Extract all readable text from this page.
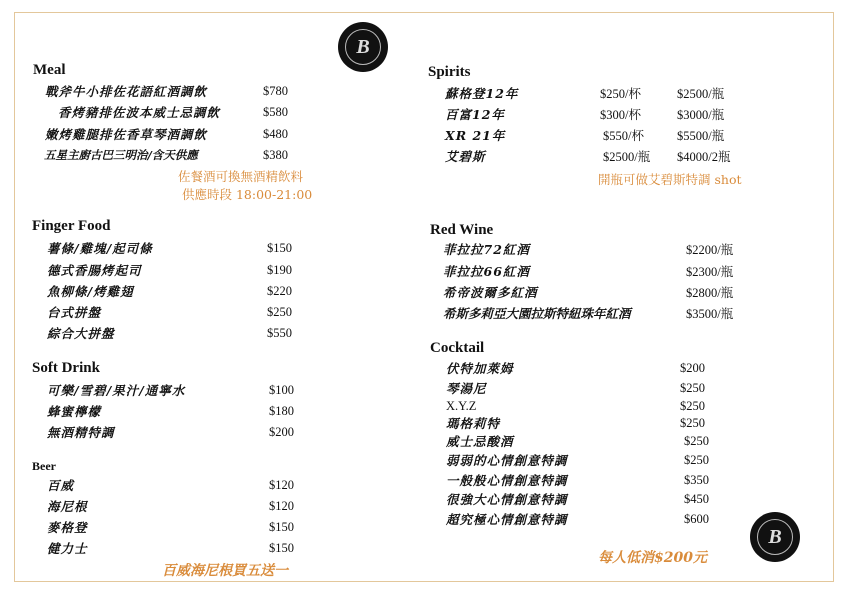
B
B
Meal
戰斧牛小排佐花語紅酒調飲	$780
香烤豬排佐波本威士忌調飲	$580
嫩烤雞腿排佐香草琴酒調飲	$480
五星主廚古巴三明治/含天供應	$380
佐餐酒可換無酒精飲料
供應時段 18:00-21:00
Finger Food
薯條/雞塊/起司條	$150
德式香腸烤起司	$190
魚柳條/烤雞翅	$220
台式拼盤	$250
綜合大拼盤	$550
Soft Drink
可樂/雪碧/果汁/通寧水	$100
蜂蜜檸檬	$180
無酒精特調	$200
Beer
百威	$120
海尼根	$120
麥格登	$150
健力士	$150
百威海尼根買五送一
Spirits
蘇格登12年	$250/杯	$2500/瓶
百富12年	$300/杯	$3000/瓶
XR 21年	$550/杯	$5500/瓶
艾碧斯	$2500/瓶 $4000/2瓶
開瓶可做艾碧斯特調 shot
Red Wine
菲拉拉72紅酒	$2200/瓶
菲拉拉66紅酒	$2300/瓶
希帝波爾多紅酒	$2800/瓶
希斯多莉亞大園拉斯特紐珠年紅酒	$3500/瓶
Cocktail
伏特加萊姆	$200
琴湯尼	$250
X.Y.Z	$250
瑪格莉特	$250
威士忌酸酒	$250
弱弱的心情創意特調	$250
一般般心情創意特調	$350
很強大心情創意特調	$450
超究極心情創意特調	$600
每人低消$200元
